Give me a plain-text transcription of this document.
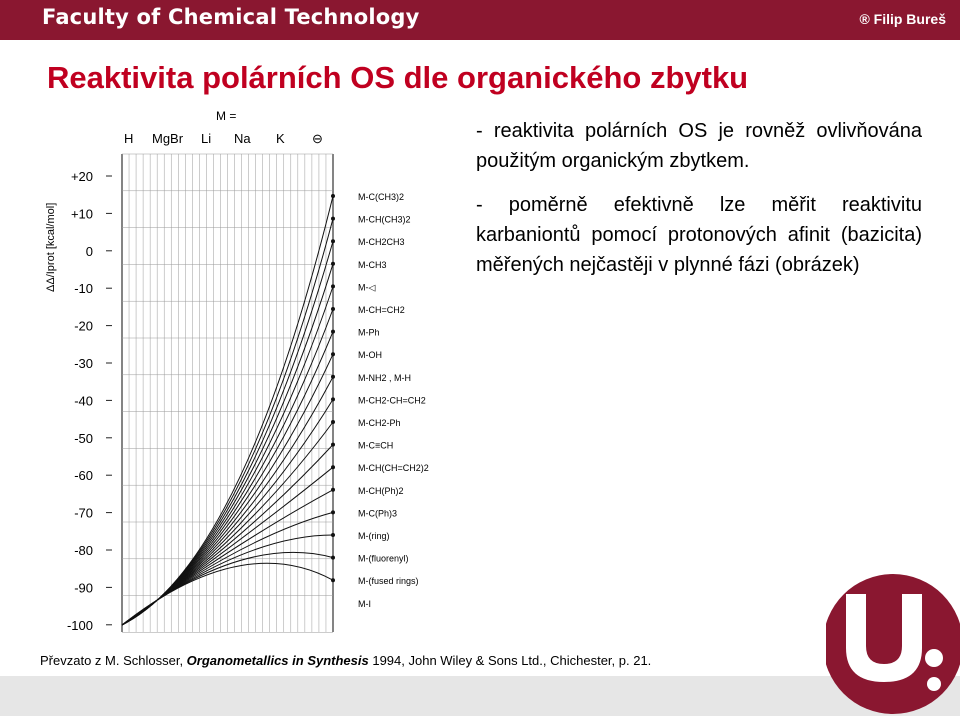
Faculty of Chemical Technology	® Filip Bureš
Reaktivita polárních OS dle organického zbytku
M =
H MgBr Li Na K ⊖
ΔΔ/Iprot [kcal/mol]
+20
+10
0
-10
-20
-30
-40
-50
-60
-70
-80
-90
-100
M-C(CH3)2
M-CH(CH3)2
M-CH2CH3
M-CH3
M-◁
M-CH=CH2
M-Ph
M-OH
M-NH2 , M-H
M-CH2-CH=CH2
M-CH2-Ph
M-C≡CH
M-CH(CH=CH2)2
M-CH(Ph)2
M-C(Ph)3
M-(ring)
M-(fluorenyl)
M-(fused rings)
M-I

- reaktivita polárních OS je rovněž ovlivňována použitým organickým zbytkem.

- poměrně efektivně lze měřit reaktivitu karbaniontů pomocí protonových afinit (bazicita) měřených nejčastěji v plynné fázi (obrázek)

Převzato z M. Schlosser, Organometallics in Synthesis 1994, John Wiley & Sons Ltd., Chichester, p. 21.
